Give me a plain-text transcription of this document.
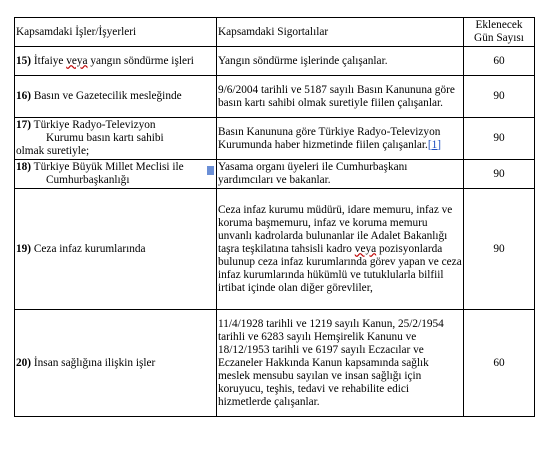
Kapsamdaki İşler/İşyerleri	Kapsamdaki Sigortalılar	Eklenecek
Gün Sayısı
15) İtfaiye veya yangın söndürme işleri	Yangın söndürme işlerinde çalışanlar.	60
16) Basın ve Gazetecilik mesleğinde	9/6/2004 tarihli ve 5187 sayılı Basın Kanununa göre basın kartı sahibi olmak suretiyle fiilen çalışanlar.	90
17) Türkiye Radyo-Televizyon
Kurumu basın kartı sahibi
olmak suretiyle;	Basın Kanununa göre Türkiye Radyo-Televizyon Kurumunda haber hizmetinde fiilen çalışanlar.[1]	90
18) Türkiye Büyük Millet Meclisi ile
Cumhurbaşkanlığı	Yasama organı üyeleri ile Cumhurbaşkanı yardımcıları ve bakanlar.	90
19) Ceza infaz kurumlarında	Ceza infaz kurumu müdürü, idare memuru, infaz ve koruma başmemuru, infaz ve koruma memuru unvanlı kadrolarda bulunanlar ile Adalet Bakanlığı taşra teşkilatına tahsisli kadro veya pozisyonlarda bulunup ceza infaz kurumlarında görev yapan ve ceza infaz kurumlarında hükümlü ve tutuklularla bilfiil irtibat içinde olan diğer görevliler,	90
20) İnsan sağlığına ilişkin işler	11/4/1928 tarihli ve 1219 sayılı Kanun, 25/2/1954 tarihli ve 6283 sayılı Hemşirelik Kanunu ve 18/12/1953 tarihli ve 6197 sayılı Eczacılar ve Eczaneler Hakkında Kanun kapsamında sağlık meslek mensubu sayılan ve insan sağlığı için koruyucu, teşhis, tedavi ve rehabilite edici hizmetlerde çalışanlar.	60
